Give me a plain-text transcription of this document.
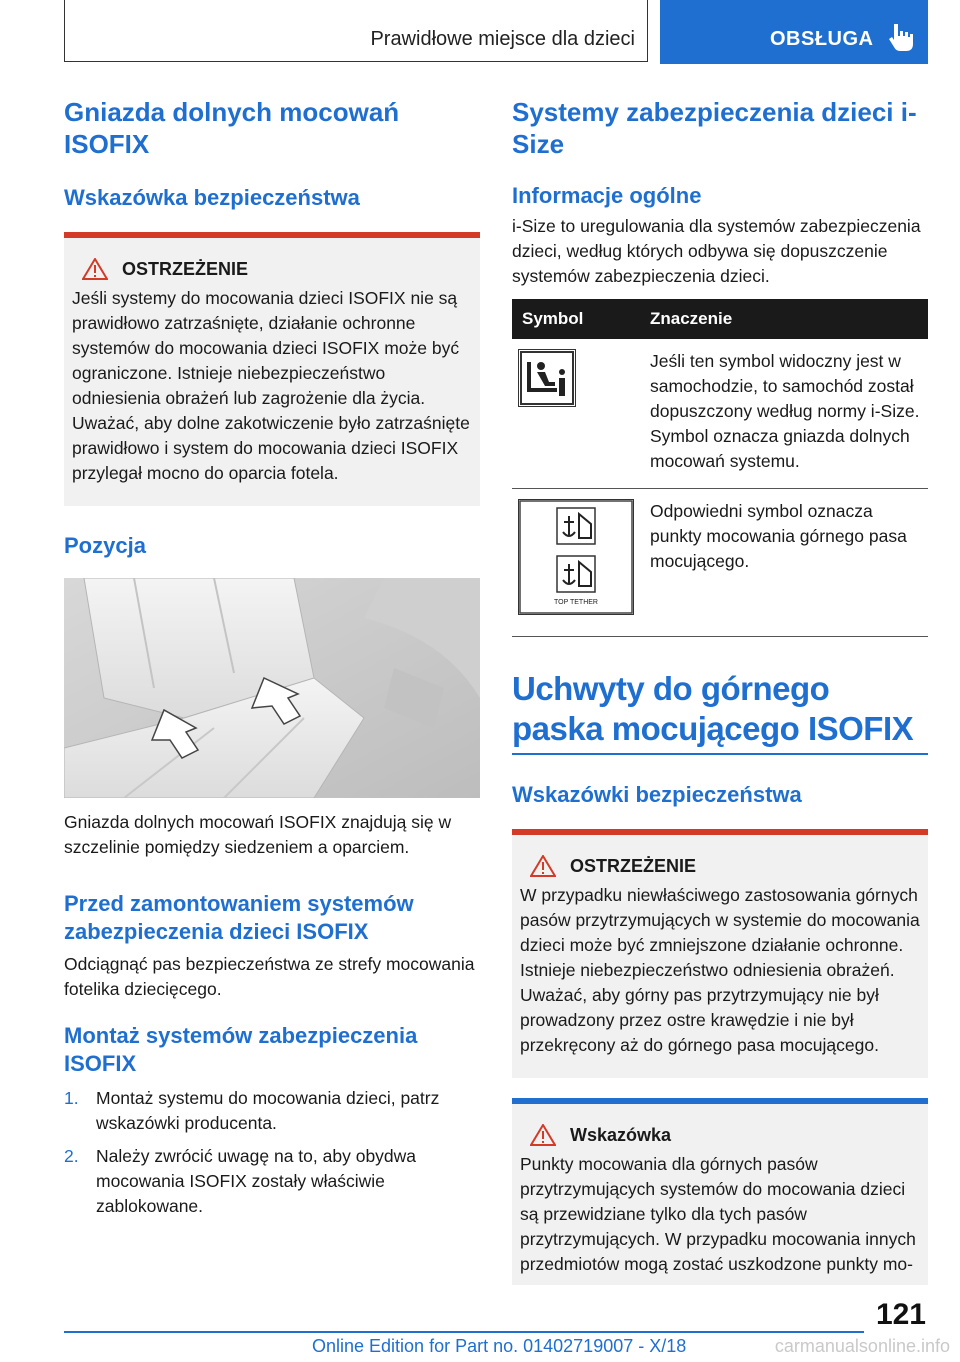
Prawidłowe miejsce dla dzieci	OBSŁUGA
Gniazda dolnych mocowań ISOFIX
Wskazówka bezpieczeństwa
OSTRZEŻENIE

Jeśli systemy do mocowania dzieci ISOFIX nie są prawidłowo zatrzaśnięte, działanie ochronne systemów do mocowania dzieci ISOFIX może być ograniczone. Istnieje niebezpieczeństwo odniesienia obrażeń lub zagrożenie dla życia. Uważać, aby dolne zakotwiczenie było zatrzaśnięte prawidłowo i system do mocowania dzieci ISOFIX przylegał mocno do oparcia fotela.

Pozycja

Gniazda dolnych mocowań ISOFIX znajdują się w szczelinie pomiędzy siedzeniem a oparciem.

Przed zamontowaniem systemów zabezpieczenia dzieci ISOFIX

Odciągnąć pas bezpieczeństwa ze strefy mocowania fotelika dziecięcego.

Montaż systemów zabezpieczenia ISOFIX
1. Montaż systemu do mocowania dzieci, patrz wskazówki producenta.
2. Należy zwrócić uwagę na to, aby obydwa mocowania ISOFIX zostały właściwie zablokowane.
Systemy zabezpieczenia dzieci i-Size
Informacje ogólne

i-Size to uregulowania dla systemów zabezpieczenia dzieci, według których odbywa się dopuszczenie systemów zabezpieczenia dzieci.

Symbol	Znaczenie
	Jeśli ten symbol widoczny jest w samochodzie, to samochód został dopuszczony według normy i-Size. Symbol oznacza gniazda dolnych mocowań systemu.

TOP TETHER	Odpowiedni symbol oznacza punkty mocowania górnego pasa mocującego.
Uchwyty do górnego paska mocującego ISOFIX
Wskazówki bezpieczeństwa
OSTRZEŻENIE

W przypadku niewłaściwego zastosowania górnych pasów przytrzymujących w systemie do mocowania dzieci może być zmniejszone działanie ochronne. Istnieje niebezpieczeństwo odniesienia obrażeń. Uważać, aby górny pas przytrzymujący nie był prowadzony przez ostre krawędzie i nie był przekręcony aż do górnego pasa mocującego.

Wskazówka

Punkty mocowania dla górnych pasów przytrzymujących systemów do mocowania dzieci są przewidziane tylko dla tych pasów przytrzymujących. W przypadku mocowania innych przedmiotów mogą zostać uszkodzone punkty mo-

121
Online Edition for Part no. 01402719007 - X/18	carmanualsonline.info
